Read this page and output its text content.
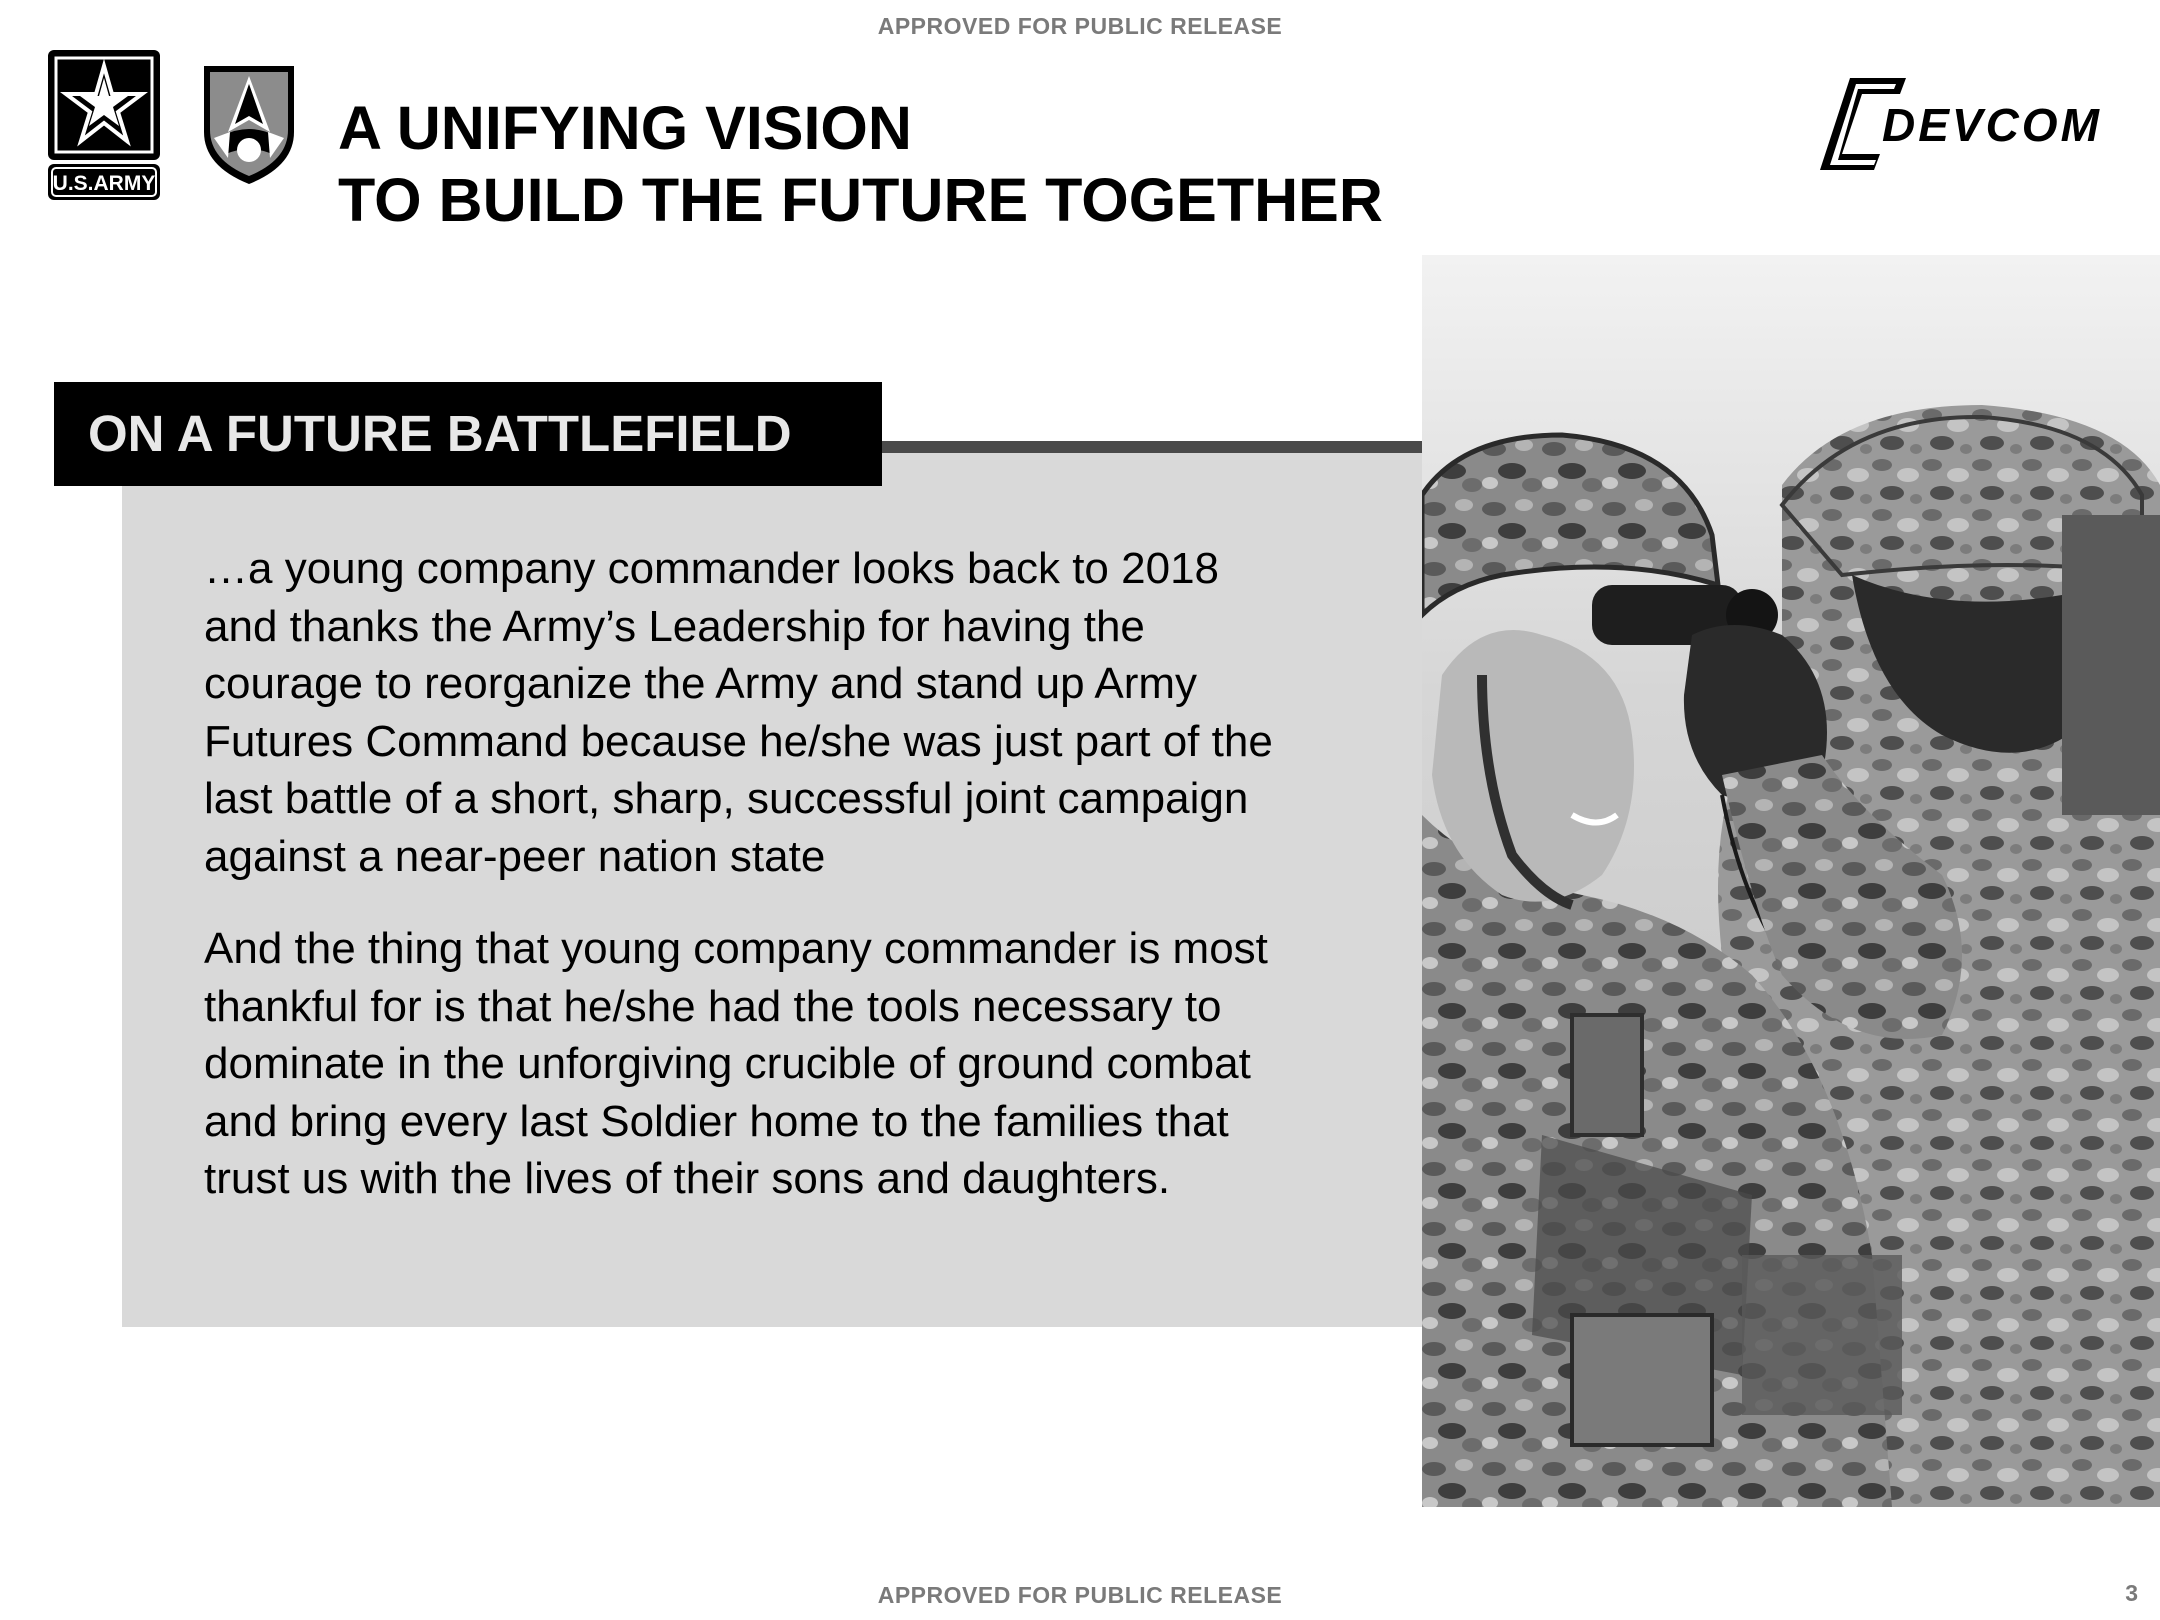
APPROVED FOR PUBLIC RELEASE
U.S.ARMY
A UNIFYING VISION
TO BUILD THE FUTURE TOGETHER
DEVCOM
ON A FUTURE BATTLEFIELD

…a young company commander looks back to 2018
and thanks the Army’s Leadership for having the
courage to reorganize the Army and stand up Army
Futures Command because he/she was just part of the
last battle of a short, sharp, successful joint campaign
against a near-peer nation state

And the thing that young company commander is most
thankful for is that he/she had the tools necessary to
dominate in the unforgiving crucible of ground combat
and bring every last Soldier home to the families that
trust us with the lives of their sons and daughters.

APPROVED FOR PUBLIC RELEASE	3
